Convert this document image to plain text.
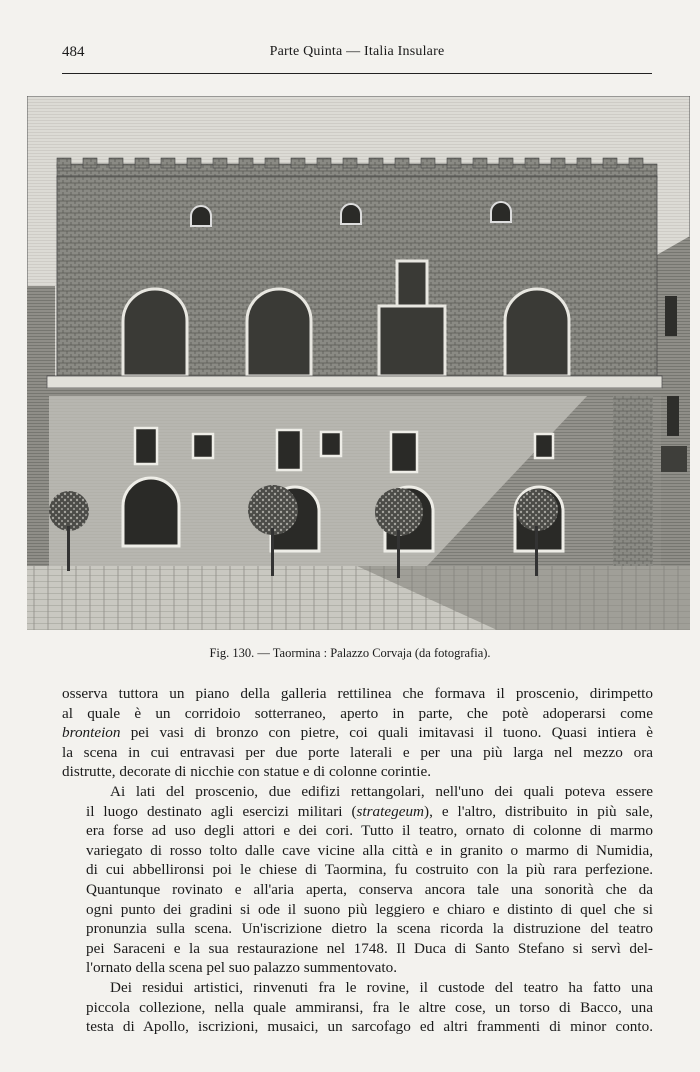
484	Parte Quinta — Italia Insulare
Fig. 130. — Taormina : Palazzo Corvaja (da fotografia).

osserva tuttora un piano della galleria rettilinea che formava il proscenio, dirimpetto
al quale è un corridoio sotterraneo, aperto in parte, che potè adoperarsi come
bronteion pei vasi di bronzo con pietre, coi quali imitavasi il tuono. Quasi intiera è
la scena in cui entravasi per due porte laterali e per una più larga nel mezzo ora
distrutte, decorate di nicchie con statue e di colonne corintie.

Ai lati del proscenio, due edifizi rettangolari, nell'uno dei quali poteva essere
il luogo destinato agli esercizi militari (strategeum), e l'altro, distribuito in più sale,
era forse ad uso degli attori e dei cori. Tutto il teatro, ornato di colonne di marmo
variegato di rosso tolto dalle cave vicine alla città e in granito o marmo di Numidia,
di cui abbellironsi poi le chiese di Taormina, fu costruito con la più rara perfezione.
Quantunque rovinato e all'aria aperta, conserva ancora tale una sonorità che da
ogni punto dei gradini si ode il suono più leggiero e chiaro e distinto di quel che si
pronunzia sulla scena. Un'iscrizione dietro la scena ricorda la distruzione del teatro
pei Saraceni e la sua restaurazione nel 1748. Il Duca di Santo Stefano si servì del-
l'ornato della scena pel suo palazzo summentovato.

Dei residui artistici, rinvenuti fra le rovine, il custode del teatro ha fatto una
piccola collezione, nella quale ammiransi, fra le altre cose, un torso di Bacco, una
testa di Apollo, iscrizioni, musaici, un sarcofago ed altri frammenti di minor conto.
